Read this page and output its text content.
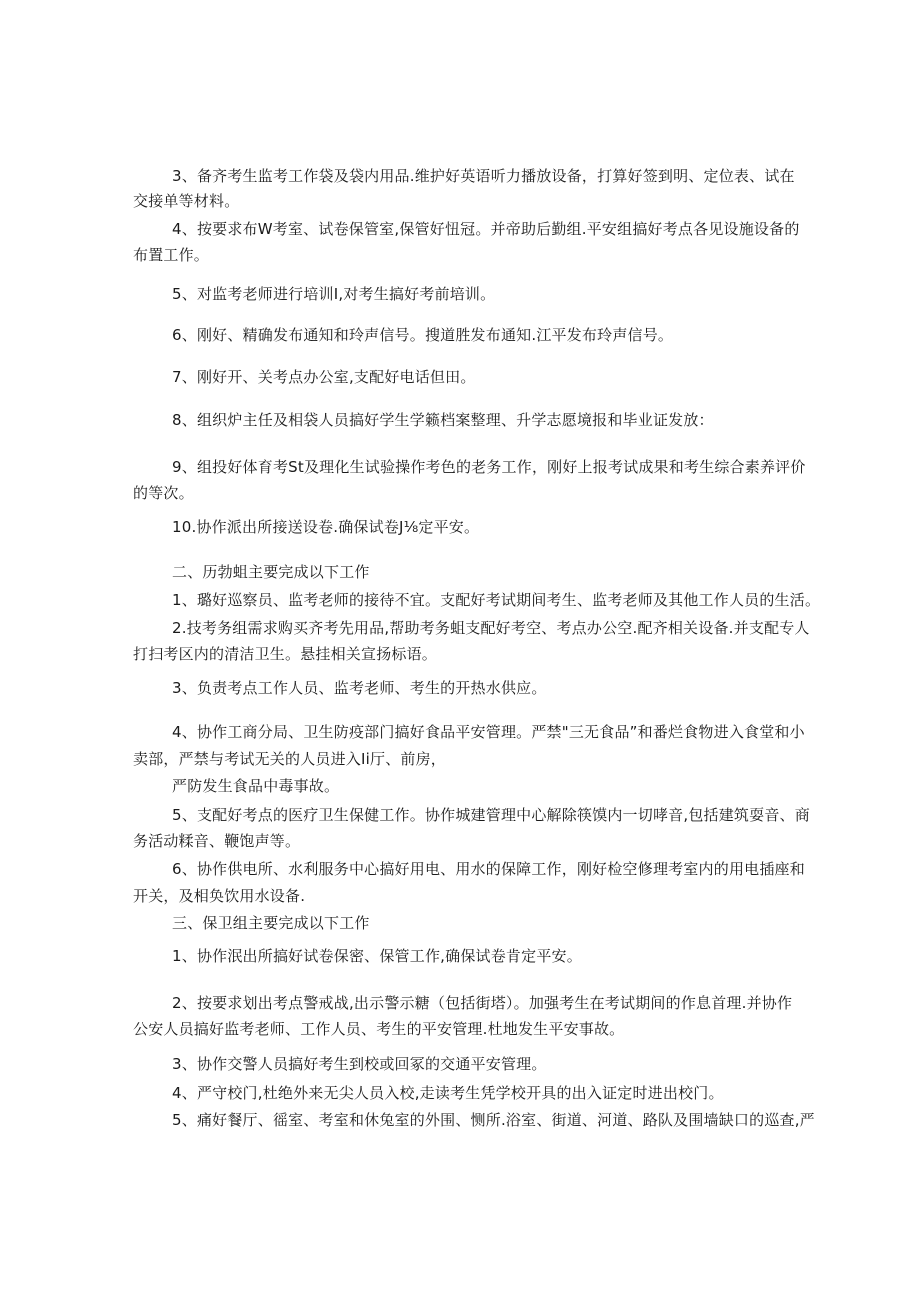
3、备齐考生监考工作袋及袋内用品.维护好英语听力播放设备，打算好签到明、定位表、试在
交接单等材料。
4、按要求布W考室、试卷保管室,保管好忸冠。并帝助后勤组.平安组搞好考点各见设施设备的
布置工作。
5、对监考老师进行培训I,对考生搞好考前培训。
6、刚好、精确发布通知和玲声信号。搜道胜发布通知.江平发布玲声信号。
7、刚好开、关考点办公室,支配好电话但田。
8、组织炉主任及相袋人员搞好学生学籁档案整理、升学志愿境报和毕业证发放：
9、组投好体育考St及理化生试验操作考色的老务工作，刚好上报考试成果和考生综合素养评价
的等次。
10.协作派出所接送设卷.确保试卷J⅛定平安。
二、历勃蛆主要完成以下工作
1、璐好巡察员、监考老师的接待不宜。支配好考试期间考生、监考老师及其他工作人员的生活。
2.技考务组需求购买齐考先用品,帮助考务蛆支配好考空、考点办公空.配齐相关设备.并支配专人
打扫考区内的清洁卫生。悬挂相关宣扬标语。
3、负责考点工作人员、监考老师、考生的开热水供应。
4、协作工商分局、卫生防疫部门搞好食品平安管理。严禁"三无食品”和番烂食物进入食堂和小
卖部，严禁与考试无关的人员进入Ii厅、前房，
严防发生食品中毒事故。
5、支配好考点的医疗卫生保健工作。协作城建管理中心解除筷馍内一切哮音,包括建筑耍音、商
务活动糅音、鞭饱声等。
6、协作供电所、水利服务中心搞好用电、用水的保障工作，刚好检空修理考室内的用电插座和
开关，及相奂饮用水设备.
三、保卫组主要完成以下工作
1、协作泯出所搞好试卷保密、保管工作,确保试卷肯定平安。
2、按要求划出考点警戒战,出示警示糖（包括街塔）。加强考生在考试期间的作息首理.并协作
公安人员搞好监考老师、工作人员、考生的平安管理.杜地发生平安事故。
3、协作交警人员搞好考生到校或回冢的交通平安管理。
4、严守校门,杜绝外来无尖人员入校,走读考生凭学校开具的出入证定时进出校门。
5、痛好餐厅、徭室、考室和休兔室的外围、恻所.浴室、街道、河道、路队及围墙缺口的巡查,严
